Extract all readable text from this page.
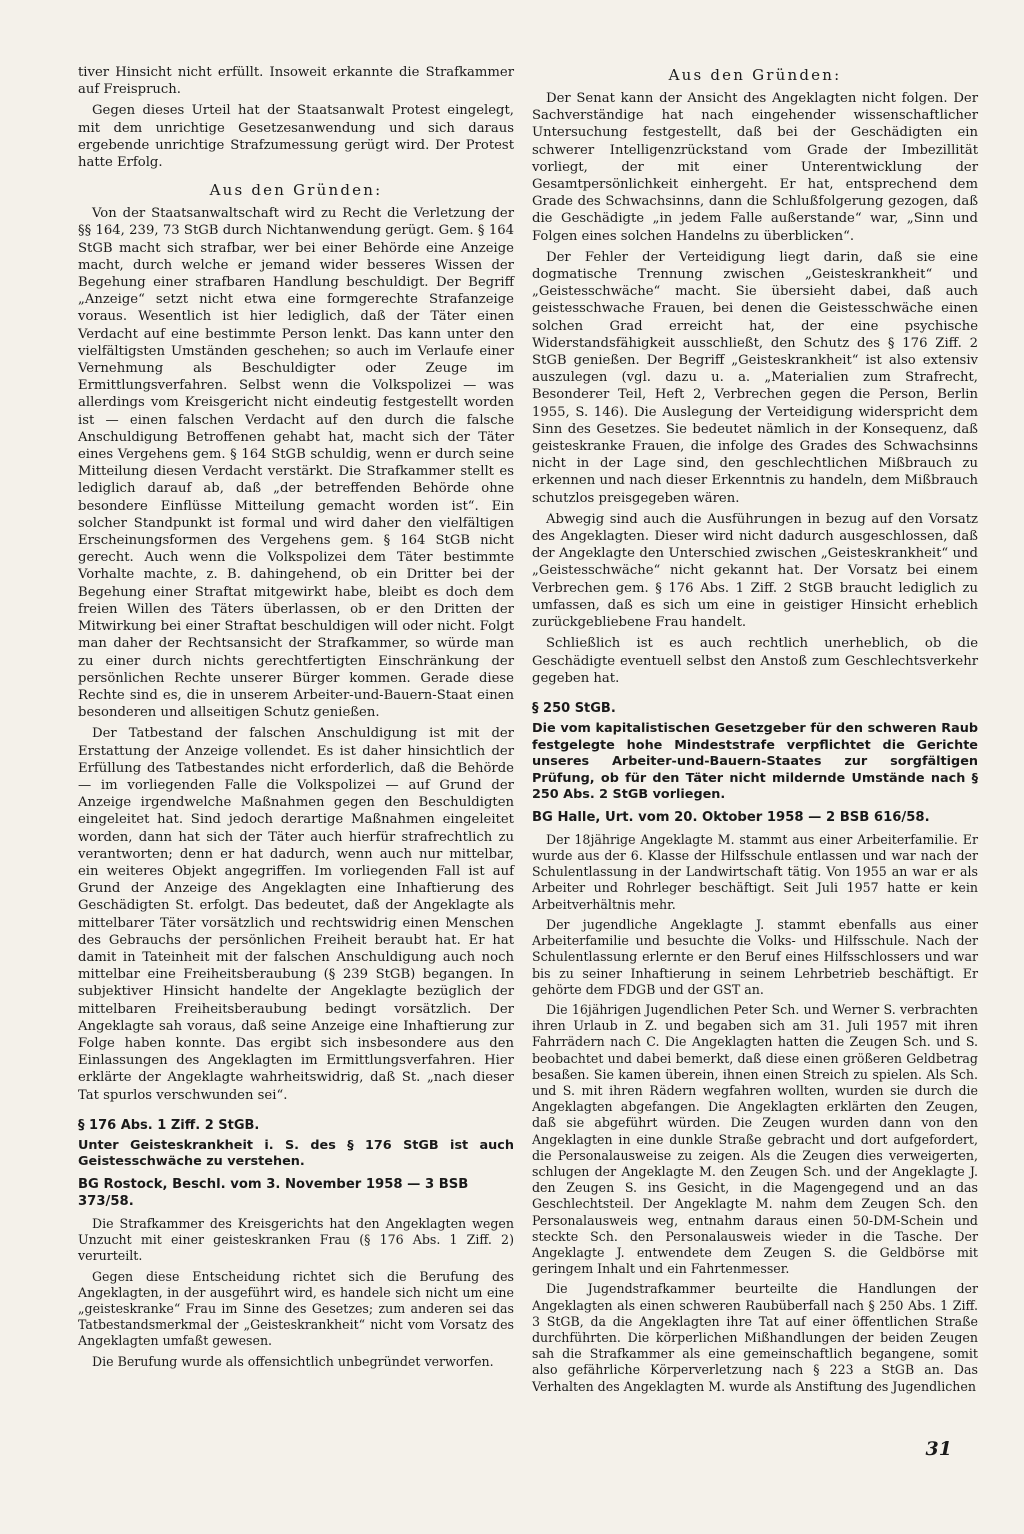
tiver Hinsicht nicht erfüllt. Insoweit erkannte die Strafkammer auf Freispruch.

Gegen dieses Urteil hat der Staatsanwalt Protest eingelegt, mit dem unrichtige Gesetzesanwendung und sich daraus ergebende unrichtige Strafzumessung gerügt wird. Der Protest hatte Erfolg.

Aus den Gründen:

Von der Staatsanwaltschaft wird zu Recht die Verletzung der §§ 164, 239, 73 StGB durch Nichtanwendung gerügt. Gem. § 164 StGB macht sich strafbar, wer bei einer Behörde eine Anzeige macht, durch welche er jemand wider besseres Wissen der Begehung einer strafbaren Handlung beschuldigt. Der Begriff „Anzeige“ setzt nicht etwa eine formgerechte Strafanzeige voraus. Wesentlich ist hier lediglich, daß der Täter einen Verdacht auf eine bestimmte Person lenkt. Das kann unter den vielfältigsten Umständen geschehen; so auch im Verlaufe einer Vernehmung als Beschuldigter oder Zeuge im Ermittlungsverfahren. Selbst wenn die Volkspolizei — was allerdings vom Kreisgericht nicht eindeutig festgestellt worden ist — einen falschen Verdacht auf den durch die falsche Anschuldigung Betroffenen gehabt hat, macht sich der Täter eines Vergehens gem. § 164 StGB schuldig, wenn er durch seine Mitteilung diesen Verdacht verstärkt. Die Strafkammer stellt es lediglich darauf ab, daß „der betreffenden Behörde ohne besondere Einflüsse Mitteilung gemacht worden ist“. Ein solcher Standpunkt ist formal und wird daher den vielfältigen Erscheinungsformen des Vergehens gem. § 164 StGB nicht gerecht. Auch wenn die Volkspolizei dem Täter bestimmte Vorhalte machte, z. B. dahingehend, ob ein Dritter bei der Begehung einer Straftat mitgewirkt habe, bleibt es doch dem freien Willen des Täters überlassen, ob er den Dritten der Mitwirkung bei einer Straftat beschuldigen will oder nicht. Folgt man daher der Rechtsansicht der Strafkammer, so würde man zu einer durch nichts gerechtfertigten Einschränkung der persönlichen Rechte unserer Bürger kommen. Gerade diese Rechte sind es, die in unserem Arbeiter-und-Bauern-Staat einen besonderen und allseitigen Schutz genießen.

Der Tatbestand der falschen Anschuldigung ist mit der Erstattung der Anzeige vollendet. Es ist daher hinsichtlich der Erfüllung des Tatbestandes nicht erforderlich, daß die Behörde — im vorliegenden Falle die Volkspolizei — auf Grund der Anzeige irgendwelche Maßnahmen gegen den Beschuldigten eingeleitet hat. Sind jedoch derartige Maßnahmen eingeleitet worden, dann hat sich der Täter auch hierfür strafrechtlich zu verantworten; denn er hat dadurch, wenn auch nur mittelbar, ein weiteres Objekt angegriffen. Im vorliegenden Fall ist auf Grund der Anzeige des Angeklagten eine Inhaftierung des Geschädigten St. erfolgt. Das bedeutet, daß der Angeklagte als mittelbarer Täter vorsätzlich und rechtswidrig einen Menschen des Gebrauchs der persönlichen Freiheit beraubt hat. Er hat damit in Tateinheit mit der falschen Anschuldigung auch noch mittelbar eine Freiheitsberaubung (§ 239 StGB) begangen. In subjektiver Hinsicht handelte der Angeklagte bezüglich der mittelbaren Freiheitsberaubung bedingt vorsätzlich. Der Angeklagte sah voraus, daß seine Anzeige eine Inhaftierung zur Folge haben konnte. Das ergibt sich insbesondere aus den Einlassungen des Angeklagten im Ermittlungsverfahren. Hier erklärte der Angeklagte wahrheitswidrig, daß St. „nach dieser Tat spurlos verschwunden sei“.

§ 176 Abs. 1 Ziff. 2 StGB.
Unter Geisteskrankheit i. S. des § 176 StGB ist auch Geistesschwäche zu verstehen.
BG Rostock, Beschl. vom 3. November 1958 — 3 BSB 373/58.

Die Strafkammer des Kreisgerichts hat den Angeklagten wegen Unzucht mit einer geisteskranken Frau (§ 176 Abs. 1 Ziff. 2) verurteilt.

Gegen diese Entscheidung richtet sich die Berufung des Angeklagten, in der ausgeführt wird, es handele sich nicht um eine „geisteskranke“ Frau im Sinne des Gesetzes; zum anderen sei das Tatbestandsmerkmal der „Geisteskrankheit“ nicht vom Vorsatz des Angeklagten umfaßt gewesen.

Die Berufung wurde als offensichtlich unbegründet verworfen.

Aus den Gründen:

Der Senat kann der Ansicht des Angeklagten nicht folgen. Der Sachverständige hat nach eingehender wissenschaftlicher Untersuchung festgestellt, daß bei der Geschädigten ein schwerer Intelligenzrückstand vom Grade der Imbezillität vorliegt, der mit einer Unterentwicklung der Gesamtpersönlichkeit einhergeht. Er hat, entsprechend dem Grade des Schwachsinns, dann die Schlußfolgerung gezogen, daß die Geschädigte „in jedem Falle außerstande“ war, „Sinn und Folgen eines solchen Handelns zu überblicken“.

Der Fehler der Verteidigung liegt darin, daß sie eine dogmatische Trennung zwischen „Geisteskrankheit“ und „Geistesschwäche“ macht. Sie übersieht dabei, daß auch geistesschwache Frauen, bei denen die Geistesschwäche einen solchen Grad erreicht hat, der eine psychische Widerstandsfähigkeit ausschließt, den Schutz des § 176 Ziff. 2 StGB genießen. Der Begriff „Geisteskrankheit“ ist also extensiv auszulegen (vgl. dazu u. a. „Materialien zum Strafrecht, Besonderer Teil, Heft 2, Verbrechen gegen die Person, Berlin 1955, S. 146). Die Auslegung der Verteidigung widerspricht dem Sinn des Gesetzes. Sie bedeutet nämlich in der Konsequenz, daß geisteskranke Frauen, die infolge des Grades des Schwachsinns nicht in der Lage sind, den geschlechtlichen Mißbrauch zu erkennen und nach dieser Erkenntnis zu handeln, dem Mißbrauch schutzlos preisgegeben wären.

Abwegig sind auch die Ausführungen in bezug auf den Vorsatz des Angeklagten. Dieser wird nicht dadurch ausgeschlossen, daß der Angeklagte den Unterschied zwischen „Geisteskrankheit“ und „Geistesschwäche“ nicht gekannt hat. Der Vorsatz bei einem Verbrechen gem. § 176 Abs. 1 Ziff. 2 StGB braucht lediglich zu umfassen, daß es sich um eine in geistiger Hinsicht erheblich zurückgebliebene Frau handelt.

Schließlich ist es auch rechtlich unerheblich, ob die Geschädigte eventuell selbst den Anstoß zum Geschlechtsverkehr gegeben hat.

§ 250 StGB.
Die vom kapitalistischen Gesetzgeber für den schweren Raub festgelegte hohe Mindeststrafe verpflichtet die Gerichte unseres Arbeiter-und-Bauern-Staates zur sorgfältigen Prüfung, ob für den Täter nicht mildernde Umstände nach § 250 Abs. 2 StGB vorliegen.
BG Halle, Urt. vom 20. Oktober 1958 — 2 BSB 616/58.

Der 18jährige Angeklagte M. stammt aus einer Arbeiterfamilie. Er wurde aus der 6. Klasse der Hilfsschule entlassen und war nach der Schulentlassung in der Landwirtschaft tätig. Von 1955 an war er als Arbeiter und Rohrleger beschäftigt. Seit Juli 1957 hatte er kein Arbeitverhältnis mehr.

Der jugendliche Angeklagte J. stammt ebenfalls aus einer Arbeiterfamilie und besuchte die Volks- und Hilfsschule. Nach der Schulentlassung erlernte er den Beruf eines Hilfsschlossers und war bis zu seiner Inhaftierung in seinem Lehrbetrieb beschäftigt. Er gehörte dem FDGB und der GST an.

Die 16jährigen Jugendlichen Peter Sch. und Werner S. verbrachten ihren Urlaub in Z. und begaben sich am 31. Juli 1957 mit ihren Fahrrädern nach C. Die Angeklagten hatten die Zeugen Sch. und S. beobachtet und dabei bemerkt, daß diese einen größeren Geldbetrag besaßen. Sie kamen überein, ihnen einen Streich zu spielen. Als Sch. und S. mit ihren Rädern wegfahren wollten, wurden sie durch die Angeklagten abgefangen. Die Angeklagten erklärten den Zeugen, daß sie abgeführt würden. Die Zeugen wurden dann von den Angeklagten in eine dunkle Straße gebracht und dort aufgefordert, die Personalausweise zu zeigen. Als die Zeugen dies verweigerten, schlugen der Angeklagte M. den Zeugen Sch. und der Angeklagte J. den Zeugen S. ins Gesicht, in die Magengegend und an das Geschlechtsteil. Der Angeklagte M. nahm dem Zeugen Sch. den Personalausweis weg, entnahm daraus einen 50-DM-Schein und steckte Sch. den Personalausweis wieder in die Tasche. Der Angeklagte J. entwendete dem Zeugen S. die Geldbörse mit geringem Inhalt und ein Fahrtenmesser.

Die Jugendstrafkammer beurteilte die Handlungen der Angeklagten als einen schweren Raubüberfall nach § 250 Abs. 1 Ziff. 3 StGB, da die Angeklagten ihre Tat auf einer öffentlichen Straße durchführten. Die körperlichen Mißhandlungen der beiden Zeugen sah die Strafkammer als eine gemeinschaftlich begangene, somit also gefährliche Körperverletzung nach § 223 a StGB an. Das Verhalten des Angeklagten M. wurde als Anstiftung des Jugendlichen

31
